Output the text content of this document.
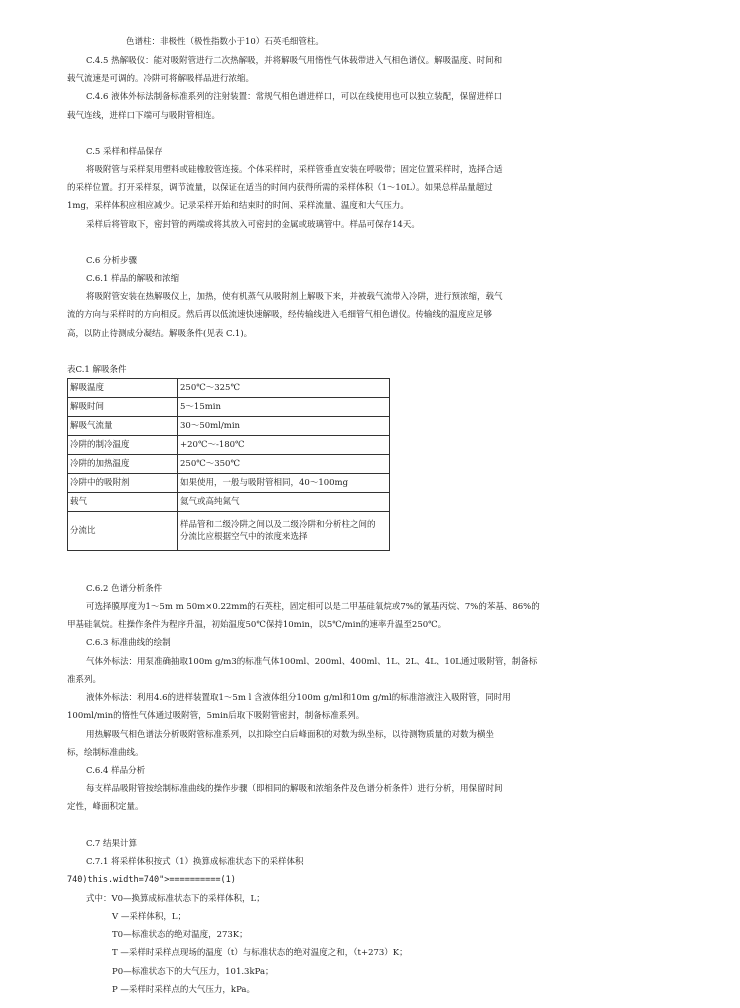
色谱柱：非极性（极性指数小于10）石英毛细管柱。
C.4.5 热解吸仪：能对吸附管进行二次热解吸，并将解吸气用惰性气体载带进入气相色谱仪。解吸温度、时间和
载气流速是可调的。冷阱可将解吸样品进行浓缩。
C.4.6 液体外标法制备标准系列的注射装置：常规气相色谱进样口，可以在线使用也可以独立装配，保留进样口
载气连线，进样口下端可与吸附管相连。
C.5 采样和样品保存
将吸附管与采样泵用塑料或硅橡胶管连接。个体采样时，采样管垂直安装在呼吸带；固定位置采样时，选择合适
的采样位置。打开采样泵，调节流量，以保证在适当的时间内获得所需的采样体积（1～10L）。如果总样品量超过
1mg，采样体积应相应减少。记录采样开始和结束时的时间、采样流量、温度和大气压力。
采样后将管取下，密封管的两端或将其放入可密封的金属或玻璃管中。样品可保存14天。
C.6 分析步骤
C.6.1 样品的解吸和浓缩
将吸附管安装在热解吸仪上，加热，使有机蒸气从吸附剂上解吸下来，并被载气流带入冷阱，进行预浓缩，载气
流的方向与采样时的方向相反。然后再以低流速快速解吸，经传输线进入毛细管气相色谱仪。传输线的温度应足够
高，以防止待测成分凝结。解吸条件(见表 C.1)。
表C.1 解吸条件
解吸温度	250℃～325℃
解吸时间	5～15min
解吸气流量	30～50ml/min
冷阱的制冷温度	+20℃～-180℃
冷阱的加热温度	250℃～350℃
冷阱中的吸附剂	如果使用，一般与吸附管相同，40～100mg
载气	氦气或高纯氮气
分流比	样品管和二级冷阱之间以及二级冷阱和分析柱之间的
分流比应根据空气中的浓度来选择
C.6.2 色谱分析条件
可选择膜厚度为1～5m m 50m×0.22mm的石英柱，固定相可以是二甲基硅氧烷或7%的氰基丙烷、7%的苯基、86%的
甲基硅氧烷。柱操作条件为程序升温，初始温度50℃保持10min，以5℃/min的速率升温至250℃。
C.6.3 标准曲线的绘制
气体外标法：用泵准确抽取100m g/m3的标准气体100ml、200ml、400ml、1L、2L、4L、10L通过吸附管，制备标
准系列。
液体外标法：利用4.6的进样装置取1～5m l 含液体组分100m g/ml和10m g/ml的标准溶液注入吸附管，同时用
100ml/min的惰性气体通过吸附管，5min后取下吸附管密封，制备标准系列。
用热解吸气相色谱法分析吸附管标准系列，以扣除空白后峰面积的对数为纵坐标，以待测物质量的对数为横坐
标，绘制标准曲线。
C.6.4 样品分析
每支样品吸附管按绘制标准曲线的操作步骤（即相同的解吸和浓缩条件及色谱分析条件）进行分析，用保留时间
定性，峰面积定量。
C.7 结果计算
C.7.1 将采样体积按式（1）换算成标准状态下的采样体积
740)this.width=740">==========(1)
式中：V0—换算成标准状态下的采样体积，L；
V —采样体积，L；
T0—标准状态的绝对温度，273K；
T —采样时采样点现场的温度（t）与标准状态的绝对温度之和，（t+273）K；
P0—标准状态下的大气压力，101.3kPa；
P —采样时采样点的大气压力，kPa。
